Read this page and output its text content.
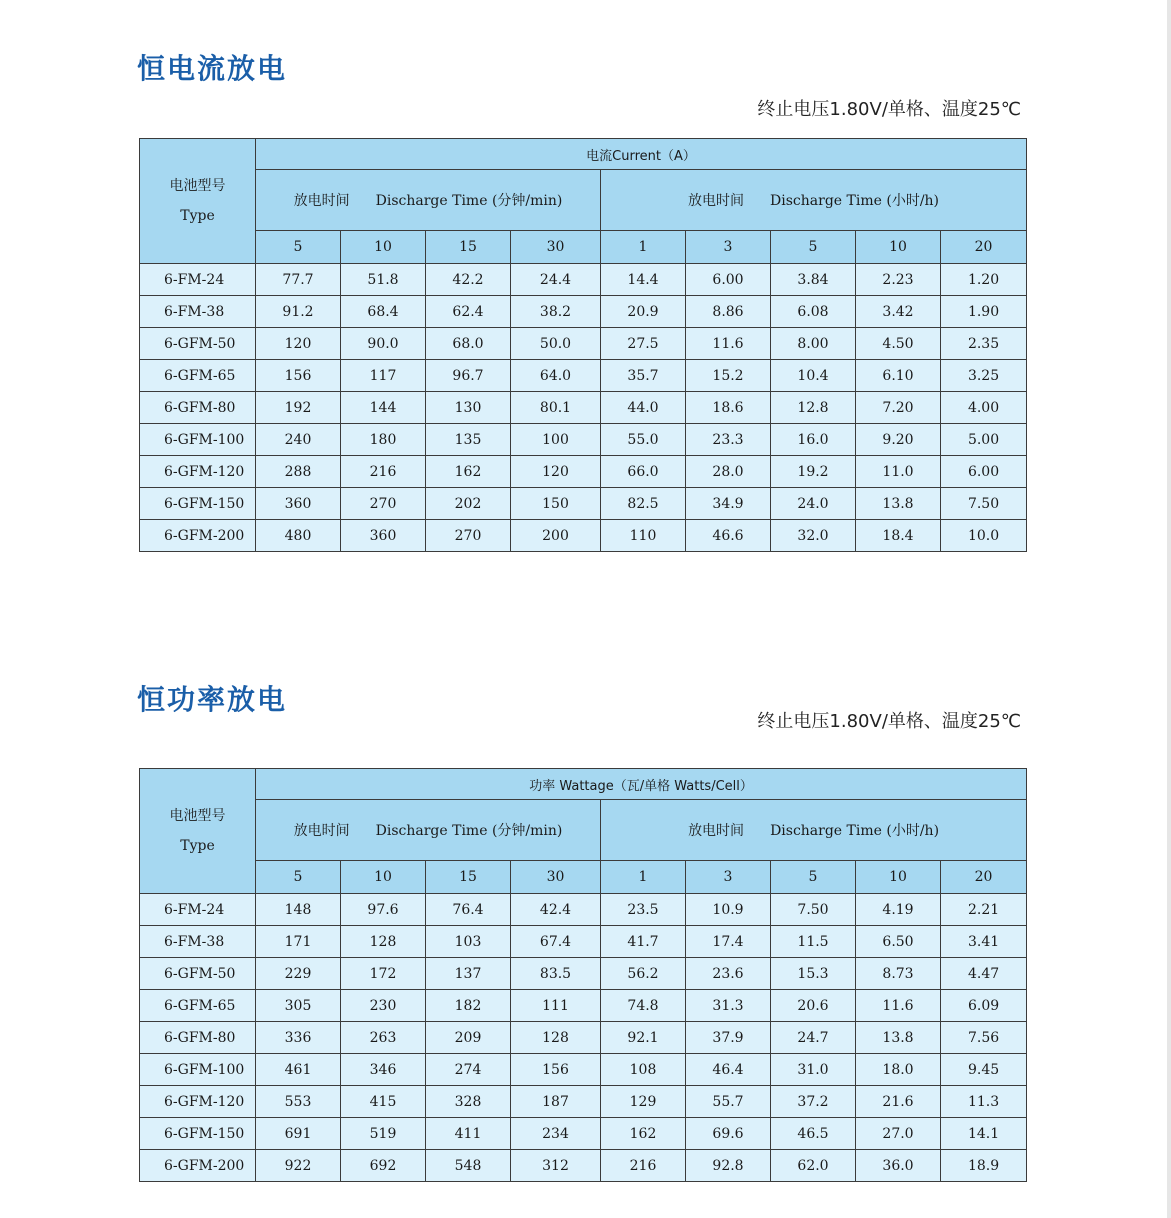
恒电流放电
终止电压1.80V/单格、温度25℃
电池型号
Type	电流Current（A）								
	放电时间 Discharge Time (分钟/min)				放电时间 Discharge Time (小时/h)				
	5	10	15	30	1	3	5	10	20
6-FM-24	77.7	51.8	42.2	24.4	14.4	6.00	3.84	2.23	1.20
6-FM-38	91.2	68.4	62.4	38.2	20.9	8.86	6.08	3.42	1.90
6-GFM-50	120	90.0	68.0	50.0	27.5	11.6	8.00	4.50	2.35
6-GFM-65	156	117	96.7	64.0	35.7	15.2	10.4	6.10	3.25
6-GFM-80	192	144	130	80.1	44.0	18.6	12.8	7.20	4.00
6-GFM-100	240	180	135	100	55.0	23.3	16.0	9.20	5.00
6-GFM-120	288	216	162	120	66.0	28.0	19.2	11.0	6.00
6-GFM-150	360	270	202	150	82.5	34.9	24.0	13.8	7.50
6-GFM-200	480	360	270	200	110	46.6	32.0	18.4	10.0
恒功率放电
终止电压1.80V/单格、温度25℃
电池型号
Type	功率 Wattage（瓦/单格 Watts/Cell）								
	放电时间 Discharge Time (分钟/min)				放电时间 Discharge Time (小时/h)				
	5	10	15	30	1	3	5	10	20
6-FM-24	148	97.6	76.4	42.4	23.5	10.9	7.50	4.19	2.21
6-FM-38	171	128	103	67.4	41.7	17.4	11.5	6.50	3.41
6-GFM-50	229	172	137	83.5	56.2	23.6	15.3	8.73	4.47
6-GFM-65	305	230	182	111	74.8	31.3	20.6	11.6	6.09
6-GFM-80	336	263	209	128	92.1	37.9	24.7	13.8	7.56
6-GFM-100	461	346	274	156	108	46.4	31.0	18.0	9.45
6-GFM-120	553	415	328	187	129	55.7	37.2	21.6	11.3
6-GFM-150	691	519	411	234	162	69.6	46.5	27.0	14.1
6-GFM-200	922	692	548	312	216	92.8	62.0	36.0	18.9
